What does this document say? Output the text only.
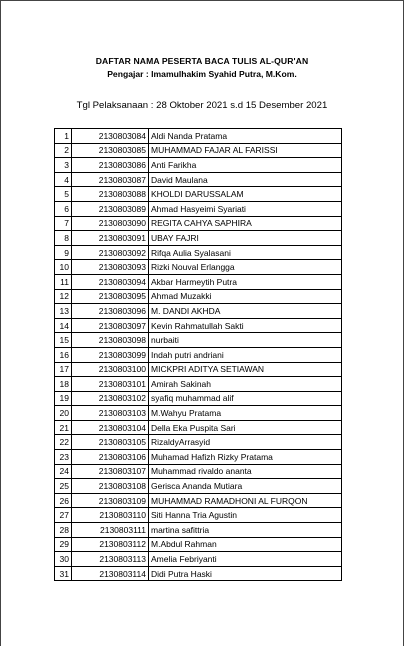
DAFTAR NAMA PESERTA BACA TULIS AL-QUR'AN
Pengajar : Imamulhakim Syahid Putra, M.Kom.
Tgl Pelaksanaan : 28 Oktober 2021 s.d 15 Desember 2021
1	2130803084	Aldi Nanda Pratama
2	2130803085	MUHAMMAD FAJAR AL FARISSI
3	2130803086	Anti Farikha
4	2130803087	David Maulana
5	2130803088	KHOLDI DARUSSALAM
6	2130803089	Ahmad Hasyeimi Syariati
7	2130803090	REGITA CAHYA SAPHIRA
8	2130803091	UBAY FAJRI
9	2130803092	Rifqa Aulia Syalasani
10	2130803093	Rizki Nouval Erlangga
11	2130803094	Akbar Harmeytih Putra
12	2130803095	Ahmad Muzakki
13	2130803096	M. DANDI AKHDA
14	2130803097	Kevin Rahmatullah Sakti
15	2130803098	nurbaiti
16	2130803099	Indah putri andriani
17	2130803100	MICKPRI ADITYA SETIAWAN
18	2130803101	Amirah Sakinah
19	2130803102	syafiq muhammad alif
20	2130803103	M.Wahyu Pratama
21	2130803104	Della Eka Puspita Sari
22	2130803105	RizaldyArrasyid
23	2130803106	Muhamad Hafizh Rizky Pratama
24	2130803107	Muhammad rivaldo ananta
25	2130803108	Gerisca Ananda Mutiara
26	2130803109	MUHAMMAD RAMADHONI AL FURQON
27	2130803110	Siti Hanna Tria Agustin
28	2130803111	martina safittria
29	2130803112	M.Abdul Rahman
30	2130803113	Amelia Febriyanti
31	2130803114	Didi Putra Haski
